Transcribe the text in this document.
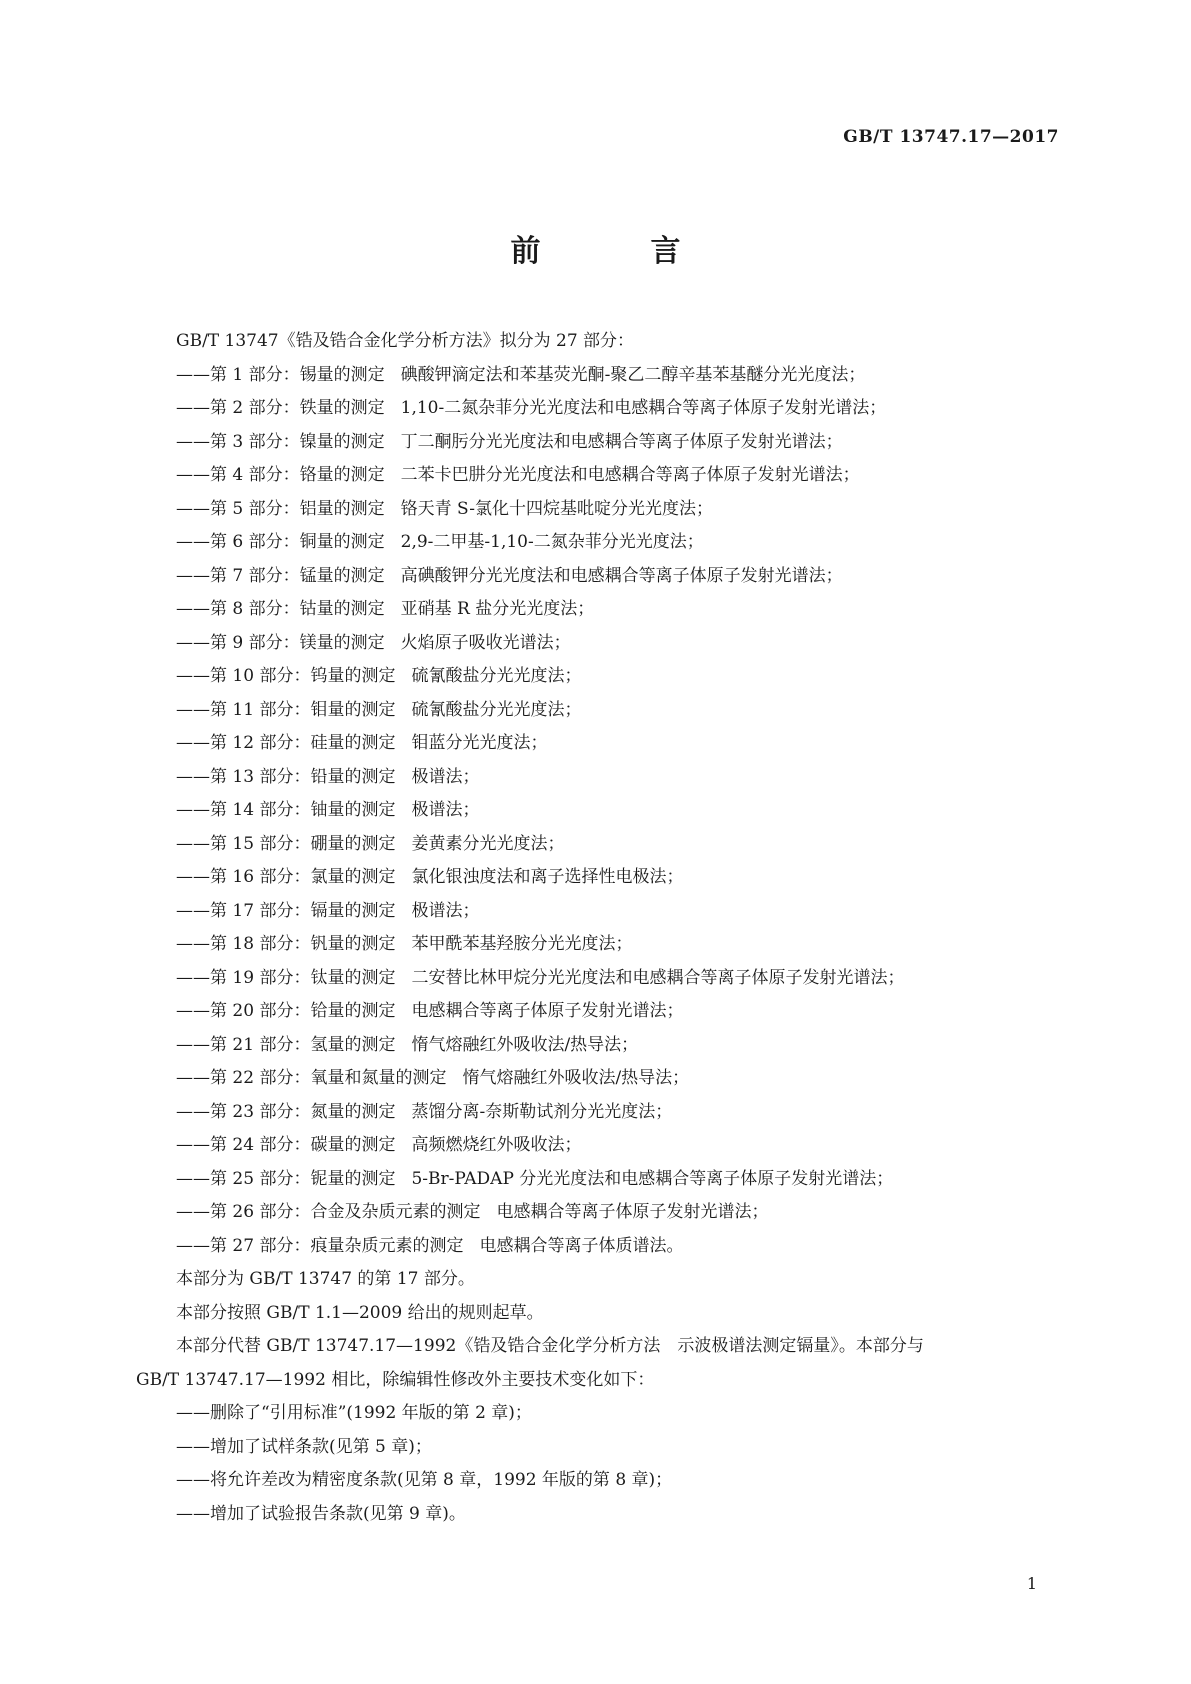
GB/T 13747.17—2017
前　言
GB/T 13747《锆及锆合金化学分析方法》拟分为 27 部分：
——第 1 部分：锡量的测定 碘酸钾滴定法和苯基荧光酮-聚乙二醇辛基苯基醚分光光度法；
——第 2 部分：铁量的测定 1,10-二氮杂菲分光光度法和电感耦合等离子体原子发射光谱法；
——第 3 部分：镍量的测定 丁二酮肟分光光度法和电感耦合等离子体原子发射光谱法；
——第 4 部分：铬量的测定 二苯卡巴肼分光光度法和电感耦合等离子体原子发射光谱法；
——第 5 部分：铝量的测定 铬天青 S-氯化十四烷基吡啶分光光度法；
——第 6 部分：铜量的测定 2,9-二甲基-1,10-二氮杂菲分光光度法；
——第 7 部分：锰量的测定 高碘酸钾分光光度法和电感耦合等离子体原子发射光谱法；
——第 8 部分：钴量的测定 亚硝基 R 盐分光光度法；
——第 9 部分：镁量的测定 火焰原子吸收光谱法；
——第 10 部分：钨量的测定 硫氰酸盐分光光度法；
——第 11 部分：钼量的测定 硫氰酸盐分光光度法；
——第 12 部分：硅量的测定 钼蓝分光光度法；
——第 13 部分：铅量的测定 极谱法；
——第 14 部分：铀量的测定 极谱法；
——第 15 部分：硼量的测定 姜黄素分光光度法；
——第 16 部分：氯量的测定 氯化银浊度法和离子选择性电极法；
——第 17 部分：镉量的测定 极谱法；
——第 18 部分：钒量的测定 苯甲酰苯基羟胺分光光度法；
——第 19 部分：钛量的测定 二安替比林甲烷分光光度法和电感耦合等离子体原子发射光谱法；
——第 20 部分：铪量的测定 电感耦合等离子体原子发射光谱法；
——第 21 部分：氢量的测定 惰气熔融红外吸收法/热导法；
——第 22 部分：氧量和氮量的测定 惰气熔融红外吸收法/热导法；
——第 23 部分：氮量的测定 蒸馏分离-奈斯勒试剂分光光度法；
——第 24 部分：碳量的测定 高频燃烧红外吸收法；
——第 25 部分：铌量的测定 5-Br-PADAP 分光光度法和电感耦合等离子体原子发射光谱法；
——第 26 部分：合金及杂质元素的测定 电感耦合等离子体原子发射光谱法；
——第 27 部分：痕量杂质元素的测定 电感耦合等离子体质谱法。
本部分为 GB/T 13747 的第 17 部分。
本部分按照 GB/T 1.1—2009 给出的规则起草。
本部分代替 GB/T 13747.17—1992《锆及锆合金化学分析方法　示波极谱法测定镉量》。本部分与
GB/T 13747.17—1992 相比，除编辑性修改外主要技术变化如下：
——删除了“引用标准”(1992 年版的第 2 章)；
——增加了试样条款(见第 5 章)；
——将允许差改为精密度条款(见第 8 章，1992 年版的第 8 章)；
——增加了试验报告条款(见第 9 章)。
1
